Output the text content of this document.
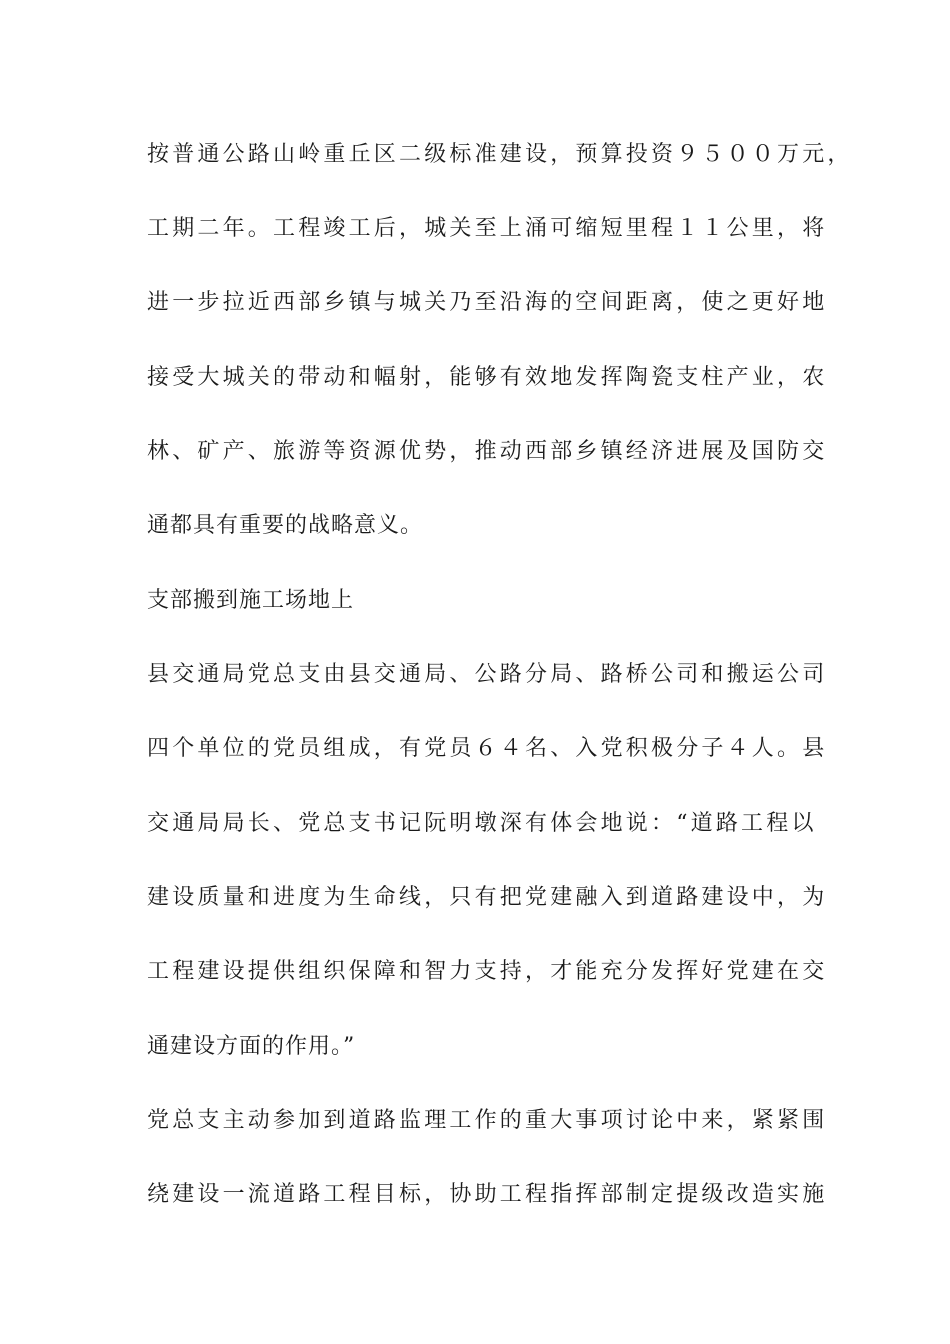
按普通公路山岭重丘区二级标准建设，预算投资９５００万元，
工期二年。工程竣工后，城关至上涌可缩短里程１１公里，将
进一步拉近西部乡镇与城关乃至沿海的空间距离，使之更好地
接受大城关的带动和幅射，能够有效地发挥陶瓷支柱产业，农
林、矿产、旅游等资源优势，推动西部乡镇经济进展及国防交
通都具有重要的战略意义。
支部搬到施工场地上
县交通局党总支由县交通局、公路分局、路桥公司和搬运公司
四个单位的党员组成，有党员６４名、入党积极分子４人。县
交通局局长、党总支书记阮明墩深有体会地说：“道路工程以
建设质量和进度为生命线，只有把党建融入到道路建设中，为
工程建设提供组织保障和智力支持，才能充分发挥好党建在交
通建设方面的作用。”
党总支主动参加到道路监理工作的重大事项讨论中来，紧紧围
绕建设一流道路工程目标，协助工程指挥部制定提级改造实施
